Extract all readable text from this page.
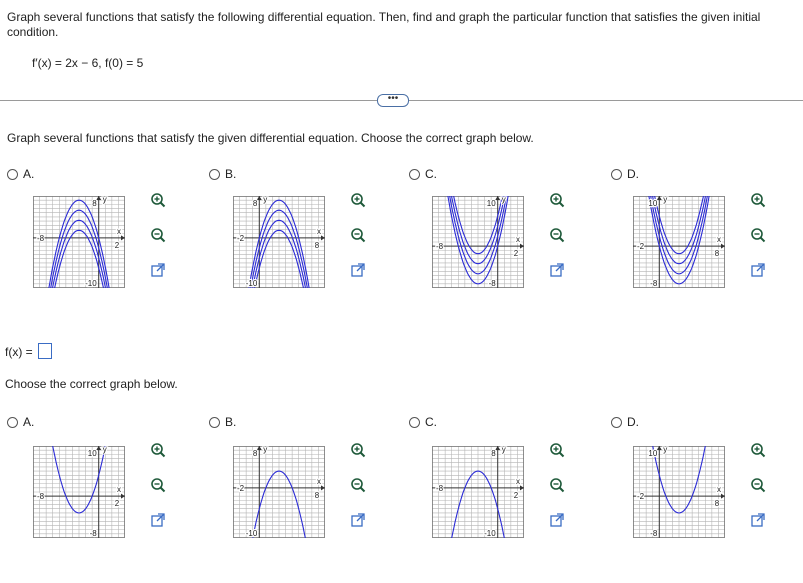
Graph several functions that satisfy the following differential equation. Then, find and graph the particular function that satisfies the given initial condition.
f′(x) = 2x − 6, f(0) = 5
•••
Graph several functions that satisfy the given differential equation. Choose the correct graph below.
A.	B.	C.	D.
f(x) =
Choose the correct graph below.
A.	B.	C.	D.
-8
2
8
-10
y
x
-2
8
8
-10
y
x
-8
2
10
-8
y
x
-2
8
10
-8
y
x
-8
2
10
-8
y
x	-2
8
8
-10
y
x
-8
2
8
-10
y
x
-2
8
10
-8
y
x
